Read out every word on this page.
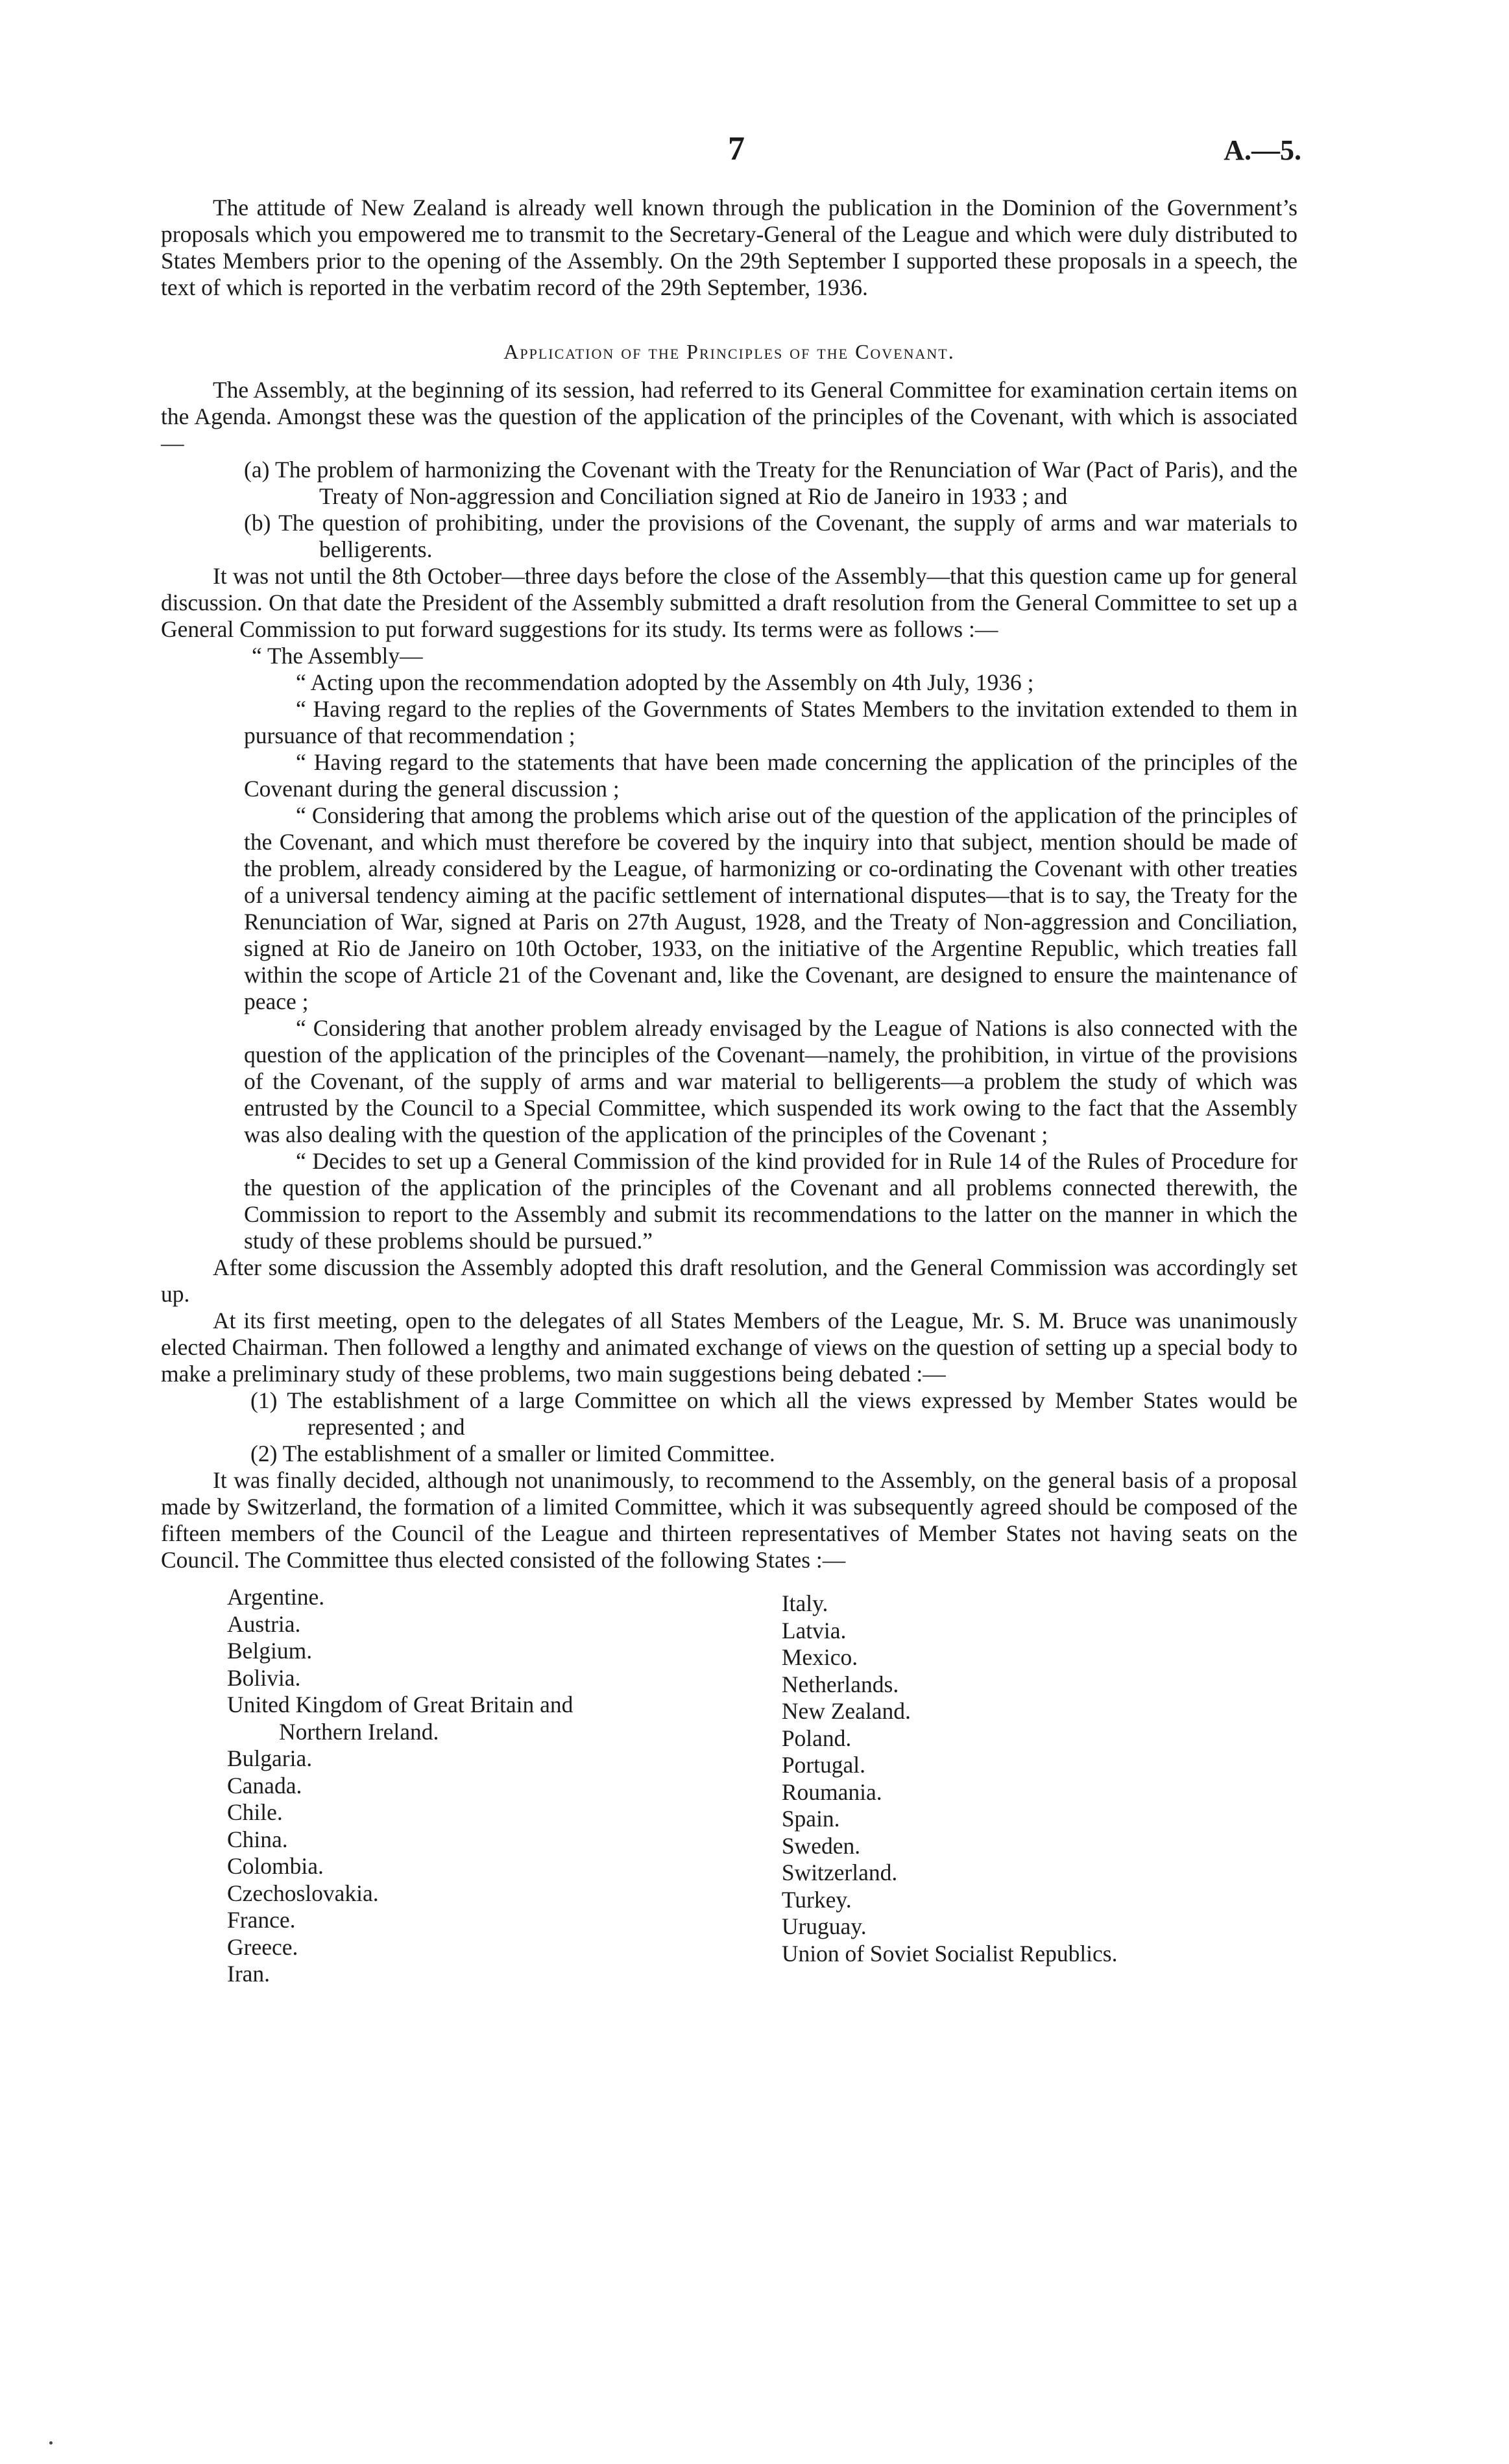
7	A.—5.

The attitude of New Zealand is already well known through the publication in the Dominion of the Government’s proposals which you empowered me to transmit to the Secretary-General of the League and which were duly distributed to States Members prior to the opening of the Assembly. On the 29th September I supported these proposals in a speech, the text of which is reported in the verbatim record of the 29th September, 1936.

Application of the Principles of the Covenant.

The Assembly, at the beginning of its session, had referred to its General Committee for examination certain items on the Agenda. Amongst these was the question of the application of the principles of the Covenant, with which is associated—

(a) The problem of harmonizing the Covenant with the Treaty for the Renunciation of War (Pact of Paris), and the Treaty of Non-aggression and Conciliation signed at Rio de Janeiro in 1933 ; and

(b) The question of prohibiting, under the provisions of the Covenant, the supply of arms and war materials to belligerents.

It was not until the 8th October—three days before the close of the Assembly—that this question came up for general discussion. On that date the President of the Assembly submitted a draft resolution from the General Committee to set up a General Commission to put forward suggestions for its study. Its terms were as follows :—

“ The Assembly—

“ Acting upon the recommendation adopted by the Assembly on 4th July, 1936 ;

“ Having regard to the replies of the Governments of States Members to the invitation extended to them in pursuance of that recommendation ;

“ Having regard to the statements that have been made concerning the application of the principles of the Covenant during the general discussion ;

“ Considering that among the problems which arise out of the question of the application of the principles of the Covenant, and which must therefore be covered by the inquiry into that subject, mention should be made of the problem, already considered by the League, of harmonizing or co-ordinating the Covenant with other treaties of a universal tendency aiming at the pacific settlement of international disputes—that is to say, the Treaty for the Renunciation of War, signed at Paris on 27th August, 1928, and the Treaty of Non-aggression and Conciliation, signed at Rio de Janeiro on 10th October, 1933, on the initiative of the Argentine Republic, which treaties fall within the scope of Article 21 of the Covenant and, like the Covenant, are designed to ensure the maintenance of peace ;

“ Considering that another problem already envisaged by the League of Nations is also connected with the question of the application of the principles of the Covenant—namely, the prohibition, in virtue of the provisions of the Covenant, of the supply of arms and war material to belligerents—a problem the study of which was entrusted by the Council to a Special Committee, which suspended its work owing to the fact that the Assembly was also dealing with the question of the application of the principles of the Covenant ;

“ Decides to set up a General Commission of the kind provided for in Rule 14 of the Rules of Procedure for the question of the application of the principles of the Covenant and all problems connected therewith, the Commission to report to the Assembly and submit its recommendations to the latter on the manner in which the study of these problems should be pursued.”

After some discussion the Assembly adopted this draft resolution, and the General Commission was accordingly set up.

At its first meeting, open to the delegates of all States Members of the League, Mr. S. M. Bruce was unanimously elected Chairman. Then followed a lengthy and animated exchange of views on the question of setting up a special body to make a preliminary study of these problems, two main suggestions being debated :—

(1) The establishment of a large Committee on which all the views expressed by Member States would be represented ; and

(2) The establishment of a smaller or limited Committee.

It was finally decided, although not unanimously, to recommend to the Assembly, on the general basis of a proposal made by Switzerland, the formation of a limited Committee, which it was subsequently agreed should be composed of the fifteen members of the Council of the League and thirteen representatives of Member States not having seats on the Council. The Committee thus elected consisted of the following States :—

Argentine.

Austria.

Belgium.

Bolivia.

United Kingdom of Great Britain and

Northern Ireland.

Bulgaria.

Canada.

Chile.

China.

Colombia.

Czechoslovakia.

France.

Greece.

Iran.

Italy.

Latvia.

Mexico.

Netherlands.

New Zealand.

Poland.

Portugal.

Roumania.

Spain.

Sweden.

Switzerland.

Turkey.

Uruguay.

Union of Soviet Socialist Republics.
